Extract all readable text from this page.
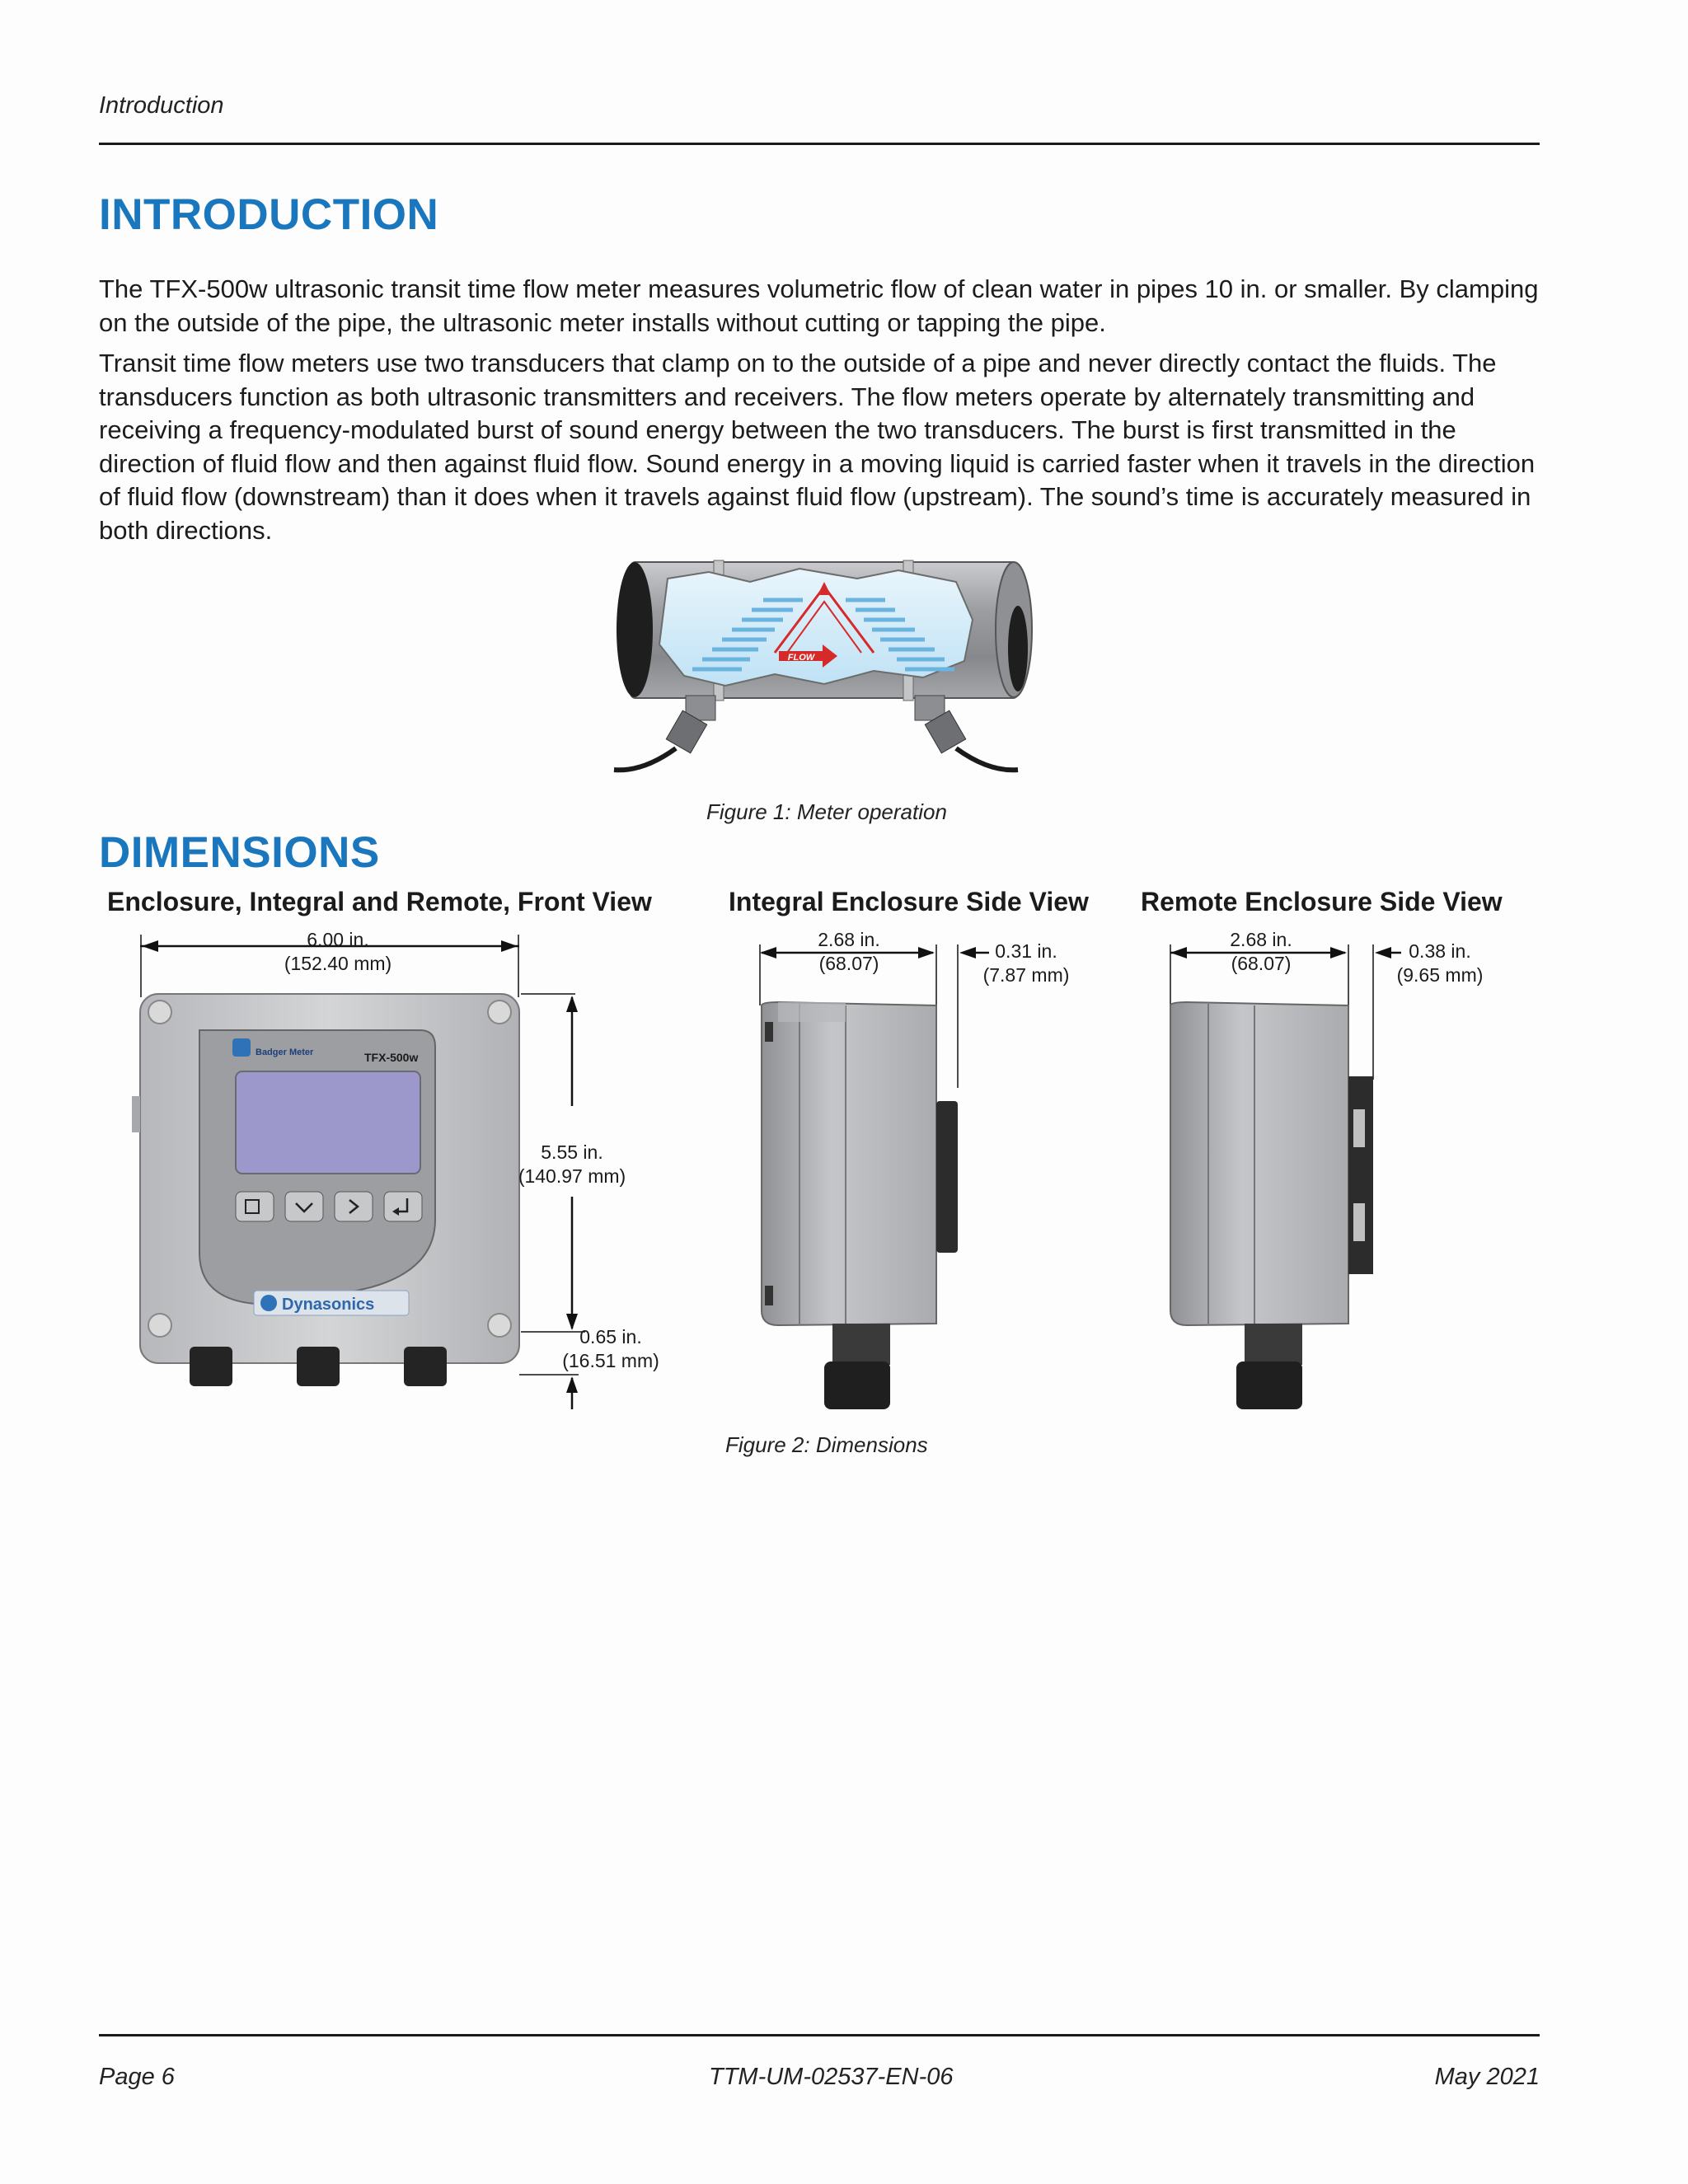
Introduction
INTRODUCTION

The TFX-500w ultrasonic transit time flow meter measures volumetric flow of clean water in pipes 10 in. or smaller. By clamping on the outside of the pipe, the ultrasonic meter installs without cutting or tapping the pipe.

Transit time flow meters use two transducers that clamp on to the outside of a pipe and never directly contact the fluids. The transducers function as both ultrasonic transmitters and receivers. The flow meters operate by alternately transmitting and receiving a frequency-modulated burst of sound energy between the two transducers. The burst is first transmitted in the direction of fluid flow and then against fluid flow. Sound energy in a moving liquid is carried faster when it travels in the direction of fluid flow (downstream) than it does when it travels against fluid flow (upstream). The sound’s time is accurately measured in both directions.

FLOW
Figure 1: Meter operation
DIMENSIONS
Enclosure, Integral and Remote, Front View	Integral Enclosure Side View Remote Enclosure Side View
Badger Meter	TFX-500w
Dynasonics
6.00 in.
(152.40 mm)
5.55 in.
(140.97 mm)
0.65 in.
(16.51 mm)
2.68 in.
(68.07)
0.31 in.
(7.87 mm)
2.68 in.
(68.07)
0.38 in.
(9.65 mm)
Figure 2: Dimensions
Page 6	TTM-UM-02537-EN-06	May 2021
